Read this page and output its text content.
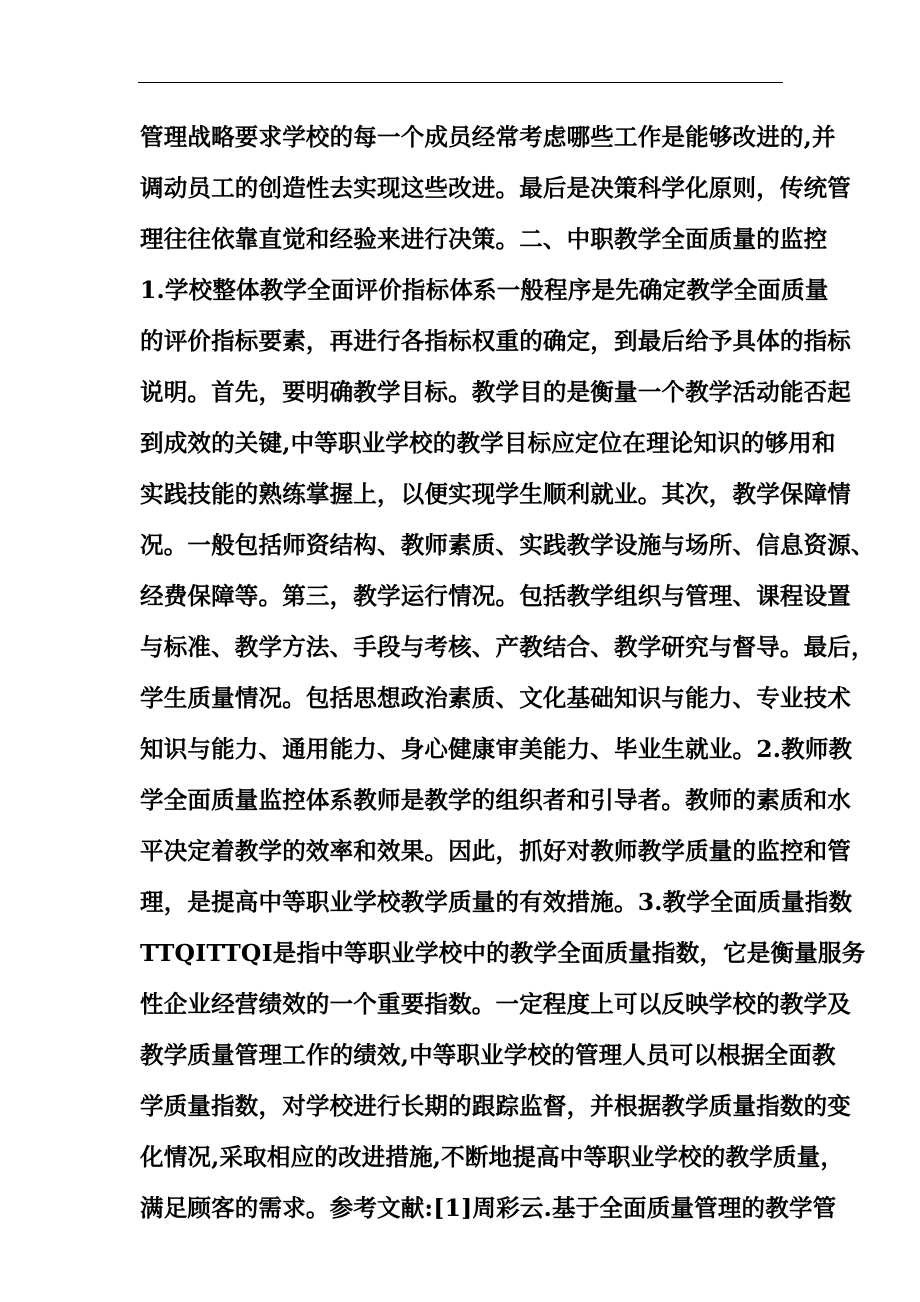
管理战略要求学校的每一个成员经常考虑哪些工作是能够改进的,并
调动员工的创造性去实现这些改进。最后是决策科学化原则，传统管
理往往依靠直觉和经验来进行决策。二、中职教学全面质量的监控
1.学校整体教学全面评价指标体系一般程序是先确定教学全面质量
的评价指标要素，再进行各指标权重的确定，到最后给予具体的指标
说明。首先，要明确教学目标。教学目的是衡量一个教学活动能否起
到成效的关键,中等职业学校的教学目标应定位在理论知识的够用和
实践技能的熟练掌握上，以便实现学生顺利就业。其次，教学保障情
况。一般包括师资结构、教师素质、实践教学设施与场所、信息资源、
经费保障等。第三，教学运行情况。包括教学组织与管理、课程设置
与标准、教学方法、手段与考核、产教结合、教学研究与督导。最后，
学生质量情况。包括思想政治素质、文化基础知识与能力、专业技术
知识与能力、通用能力、身心健康审美能力、毕业生就业。2.教师教
学全面质量监控体系教师是教学的组织者和引导者。教师的素质和水
平决定着教学的效率和效果。因此，抓好对教师教学质量的监控和管
理，是提高中等职业学校教学质量的有效措施。3.教学全面质量指数
TTQITTQI是指中等职业学校中的教学全面质量指数，它是衡量服务
性企业经营绩效的一个重要指数。一定程度上可以反映学校的教学及
教学质量管理工作的绩效,中等职业学校的管理人员可以根据全面教
学质量指数，对学校进行长期的跟踪监督，并根据教学质量指数的变
化情况,采取相应的改进措施,不断地提高中等职业学校的教学质量，
满足顾客的需求。参考文献:[1]周彩云.基于全面质量管理的教学管
